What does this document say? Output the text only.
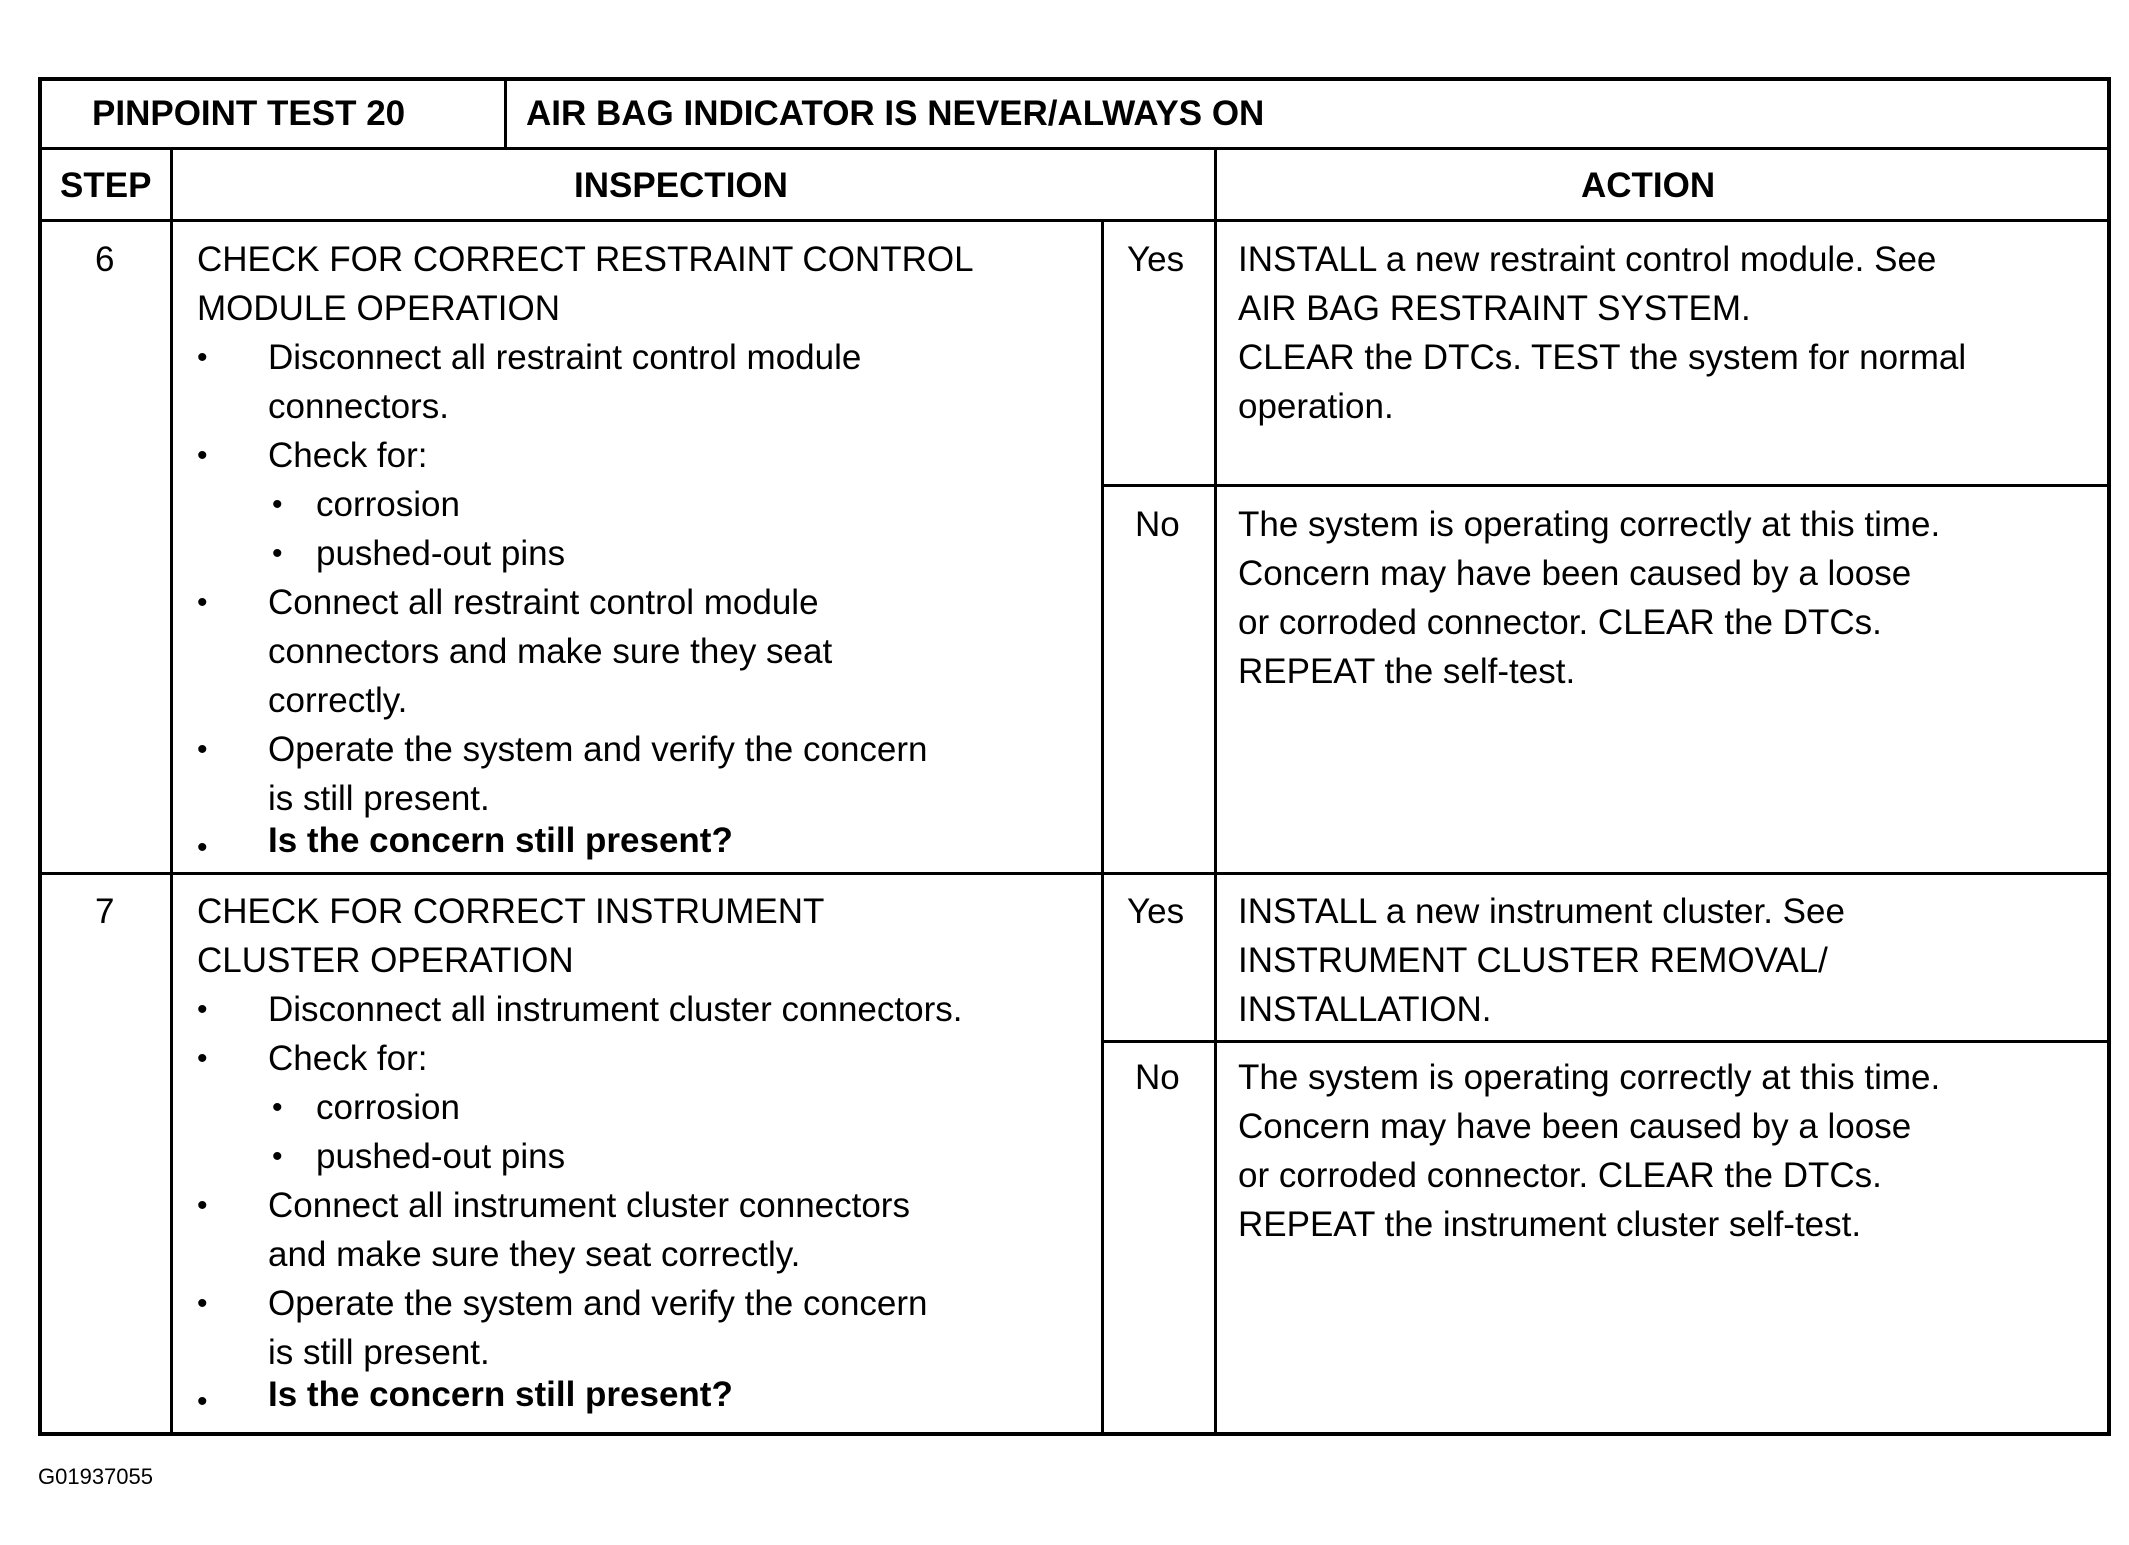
PINPOINT TEST 20	AIR BAG INDICATOR IS NEVER/ALWAYS ON
STEP	INSPECTION	ACTION
6 CHECK FOR CORRECT RESTRAINT CONTROL
MODULE OPERATION
• Disconnect all restraint control module
connectors.
• Check for:
• corrosion
• pushed-out pins
• Connect all restraint control module
connectors and make sure they seat
correctly.
• Operate the system and verify the concern
is still present.
• Is the concern still present?
Yes INSTALL a new restraint control module. See
AIR BAG RESTRAINT SYSTEM.
CLEAR the DTCs. TEST the system for normal
operation.
No The system is operating correctly at this time.
Concern may have been caused by a loose
or corroded connector. CLEAR the DTCs.
REPEAT the self-test.
7 CHECK FOR CORRECT INSTRUMENT
CLUSTER OPERATION
• Disconnect all instrument cluster connectors.
• Check for:
• corrosion
• pushed-out pins
• Connect all instrument cluster connectors
and make sure they seat correctly.
• Operate the system and verify the concern
is still present.
• Is the concern still present?
Yes INSTALL a new instrument cluster. See
INSTRUMENT CLUSTER REMOVAL/
INSTALLATION.
No The system is operating correctly at this time.
Concern may have been caused by a loose
or corroded connector. CLEAR the DTCs.
REPEAT the instrument cluster self-test.
G01937055
